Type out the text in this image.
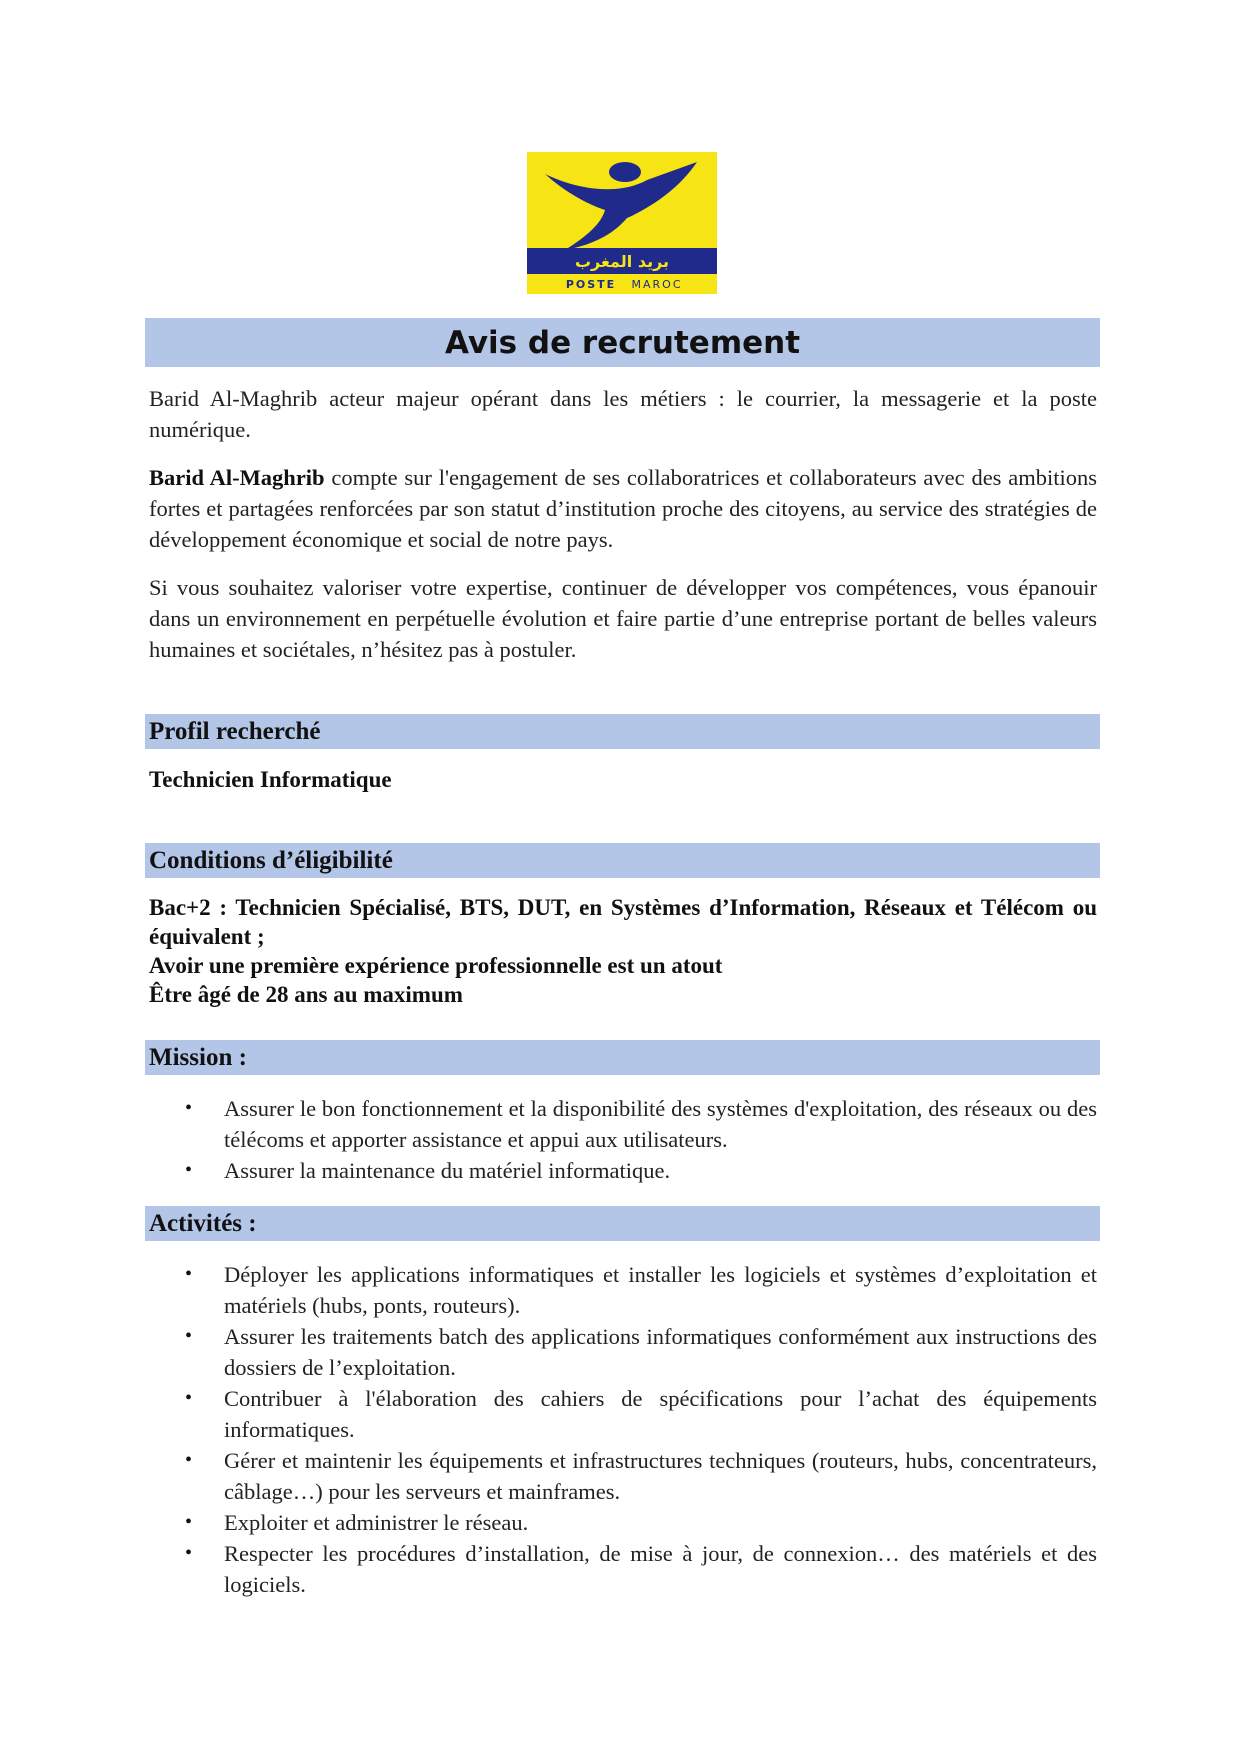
بريد المغرب
POSTE MAROC
Avis de recrutement

Barid Al-Maghrib acteur majeur opérant dans les métiers : le courrier, la messagerie et la poste numérique.

Barid Al-Maghrib compte sur l'engagement de ses collaboratrices et collaborateurs avec des ambitions fortes et partagées renforcées par son statut d’institution proche des citoyens, au service des stratégies de développement économique et social de notre pays.

Si vous souhaitez valoriser votre expertise, continuer de développer vos compétences, vous épanouir dans un environnement en perpétuelle évolution et faire partie d’une entreprise portant de belles valeurs humaines et sociétales, n’hésitez pas à postuler.

Profil recherché

Technicien Informatique

Conditions d’éligibilité

Bac+2 : Technicien Spécialisé, BTS, DUT, en Systèmes d’Information, Réseaux et Télécom ou équivalent ;

Avoir une première expérience professionnelle est un atout

Être âgé de 28 ans au maximum

Mission :
• Assurer le bon fonctionnement et la disponibilité des systèmes d'exploitation, des réseaux ou des télécoms et apporter assistance et appui aux utilisateurs.
• Assurer la maintenance du matériel informatique.
Activités :
• Déployer les applications informatiques et installer les logiciels et systèmes d’exploitation et matériels (hubs, ponts, routeurs).
• Assurer les traitements batch des applications informatiques conformément aux instructions des dossiers de l’exploitation.
• Contribuer à l'élaboration des cahiers de spécifications pour l’achat des équipements informatiques.
• Gérer et maintenir les équipements et infrastructures techniques (routeurs, hubs, concentrateurs, câblage…) pour les serveurs et mainframes.
• Exploiter et administrer le réseau.
• Respecter les procédures d’installation, de mise à jour, de connexion… des matériels et des logiciels.
